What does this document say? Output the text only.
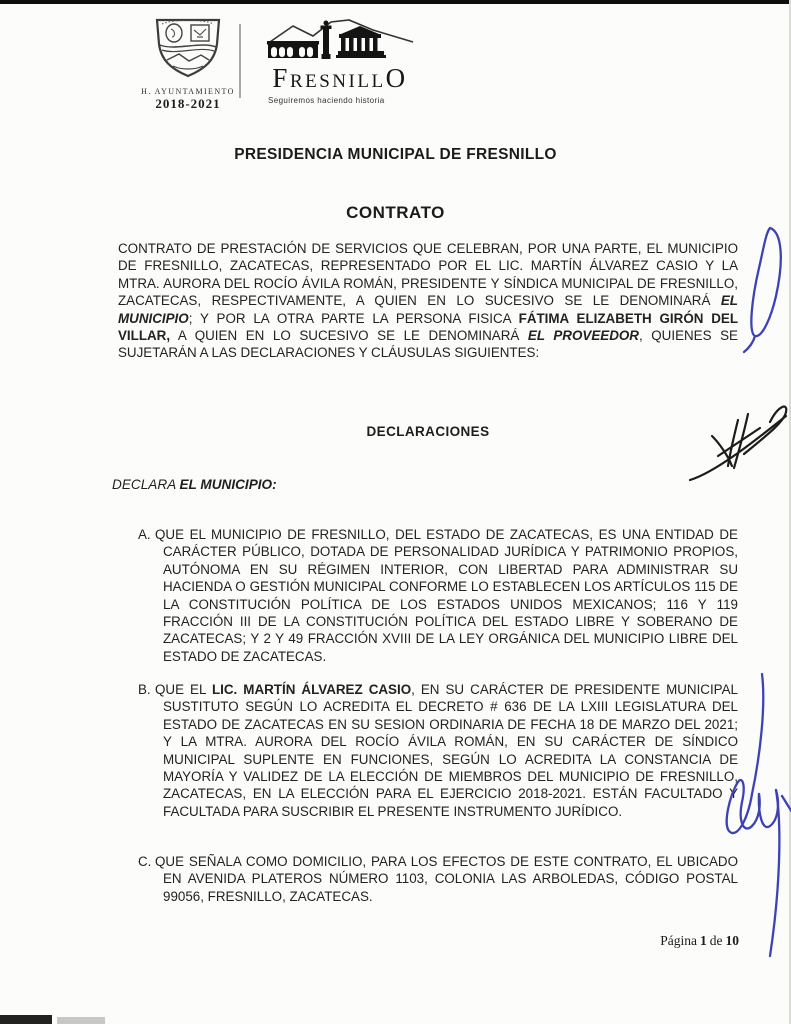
H. AYUNTAMIENTO
2018-2021
FRESNILLO
Seguiremos haciendo historia
PRESIDENCIA MUNICIPAL DE FRESNILLO
CONTRATO

CONTRATO DE PRESTACIÓN DE SERVICIOS QUE CELEBRAN, POR UNA PARTE, EL MUNICIPIO DE FRESNILLO, ZACATECAS, REPRESENTADO POR EL LIC. MARTÍN ÁLVAREZ CASIO Y LA MTRA. AURORA DEL ROCÍO ÁVILA ROMÁN, PRESIDENTE Y SÍNDICA MUNICIPAL DE FRESNILLO, ZACATECAS, RESPECTIVAMENTE, A QUIEN EN LO SUCESIVO SE LE DENOMINARÁ EL MUNICIPIO; Y POR LA OTRA PARTE LA PERSONA FISICA FÁTIMA ELIZABETH GIRÓN DEL VILLAR, A QUIEN EN LO SUCESIVO SE LE DENOMINARÁ EL PROVEEDOR, QUIENES SE SUJETARÁN A LAS DECLARACIONES Y CLÁUSULAS SIGUIENTES:

DECLARACIONES

DECLARA EL MUNICIPIO:

A. QUE EL MUNICIPIO DE FRESNILLO, DEL ESTADO DE ZACATECAS, ES UNA ENTIDAD DE CARÁCTER PÚBLICO, DOTADA DE PERSONALIDAD JURÍDICA Y PATRIMONIO PROPIOS, AUTÓNOMA EN SU RÉGIMEN INTERIOR, CON LIBERTAD PARA ADMINISTRAR SU HACIENDA O GESTIÓN MUNICIPAL CONFORME LO ESTABLECEN LOS ARTÍCULOS 115 DE LA CONSTITUCIÓN POLÍTICA DE LOS ESTADOS UNIDOS MEXICANOS; 116 Y 119 FRACCIÓN III DE LA CONSTITUCIÓN POLÍTICA DEL ESTADO LIBRE Y SOBERANO DE ZACATECAS; Y 2 Y 49 FRACCIÓN XVIII DE LA LEY ORGÁNICA DEL MUNICIPIO LIBRE DEL ESTADO DE ZACATECAS.
B. QUE EL LIC. MARTÍN ÁLVAREZ CASIO, EN SU CARÁCTER DE PRESIDENTE MUNICIPAL SUSTITUTO SEGÚN LO ACREDITA EL DECRETO # 636 DE LA LXIII LEGISLATURA DEL ESTADO DE ZACATECAS EN SU SESION ORDINARIA DE FECHA 18 DE MARZO DEL 2021; Y LA MTRA. AURORA DEL ROCÍO ÁVILA ROMÁN, EN SU CARÁCTER DE SÍNDICO MUNICIPAL SUPLENTE EN FUNCIONES, SEGÚN LO ACREDITA LA CONSTANCIA DE MAYORÍA Y VALIDEZ DE LA ELECCIÓN DE MIEMBROS DEL MUNICIPIO DE FRESNILLO, ZACATECAS, EN LA ELECCIÓN PARA EL EJERCICIO 2018-2021. ESTÁN FACULTADO Y FACULTADA PARA SUSCRIBIR EL PRESENTE INSTRUMENTO JURÍDICO.
C. QUE SEÑALA COMO DOMICILIO, PARA LOS EFECTOS DE ESTE CONTRATO, EL UBICADO EN AVENIDA PLATEROS NÚMERO 1103, COLONIA LAS ARBOLEDAS, CÓDIGO POSTAL 99056, FRESNILLO, ZACATECAS.
Página 1 de 10
